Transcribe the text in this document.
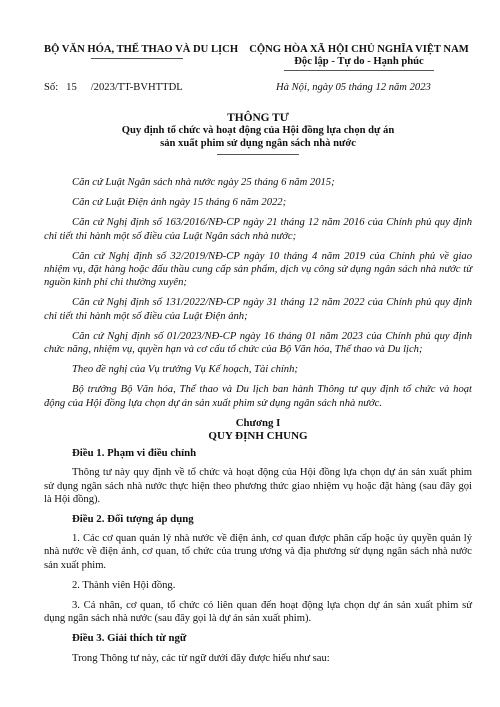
BỘ VĂN HÓA, THỂ THAO VÀ DU LỊCH	CỘNG HÒA XÃ HỘI CHỦ NGHĨA VIỆT NAM
Độc lập - Tự do - Hạnh phúc
Số: 15 /2023/TT-BVHTTDL	Hà Nội, ngày 05 tháng 12 năm 2023
THÔNG TƯ
Quy định tổ chức và hoạt động của Hội đồng lựa chọn dự án
sản xuất phim sử dụng ngân sách nhà nước

Căn cứ Luật Ngân sách nhà nước ngày 25 tháng 6 năm 2015;

Căn cứ Luật Điện ảnh ngày 15 tháng 6 năm 2022;

Căn cứ Nghị định số 163/2016/NĐ-CP ngày 21 tháng 12 năm 2016 của Chính phủ quy định chi tiết thi hành một số điều của Luật Ngân sách nhà nước;

Căn cứ Nghị định số 32/2019/NĐ-CP ngày 10 tháng 4 năm 2019 của Chính phủ về giao nhiệm vụ, đặt hàng hoặc đấu thầu cung cấp sản phẩm, dịch vụ công sử dụng ngân sách nhà nước từ nguồn kinh phí chi thường xuyên;

Căn cứ Nghị định số 131/2022/NĐ-CP ngày 31 tháng 12 năm 2022 của Chính phủ quy định chi tiết thi hành một số điều của Luật Điện ảnh;

Căn cứ Nghị định số 01/2023/NĐ-CP ngày 16 tháng 01 năm 2023 của Chính phủ quy định chức năng, nhiệm vụ, quyền hạn và cơ cấu tổ chức của Bộ Văn hóa, Thể thao và Du lịch;

Theo đề nghị của Vụ trưởng Vụ Kế hoạch, Tài chính;

Bộ trưởng Bộ Văn hóa, Thể thao và Du lịch ban hành Thông tư quy định tổ chức và hoạt động của Hội đồng lựa chọn dự án sản xuất phim sử dụng ngân sách nhà nước.

Chương I
QUY ĐỊNH CHUNG
Điều 1. Phạm vi điều chỉnh

Thông tư này quy định về tổ chức và hoạt động của Hội đồng lựa chọn dự án sản xuất phim sử dụng ngân sách nhà nước thực hiện theo phương thức giao nhiệm vụ hoặc đặt hàng (sau đây gọi là Hội đồng).

Điều 2. Đối tượng áp dụng

1. Các cơ quan quản lý nhà nước về điện ảnh, cơ quan được phân cấp hoặc ủy quyền quản lý nhà nước về điện ảnh, cơ quan, tổ chức của trung ương và địa phương sử dụng ngân sách nhà nước sản xuất phim.

2. Thành viên Hội đồng.

3. Cá nhân, cơ quan, tổ chức có liên quan đến hoạt động lựa chọn dự án sản xuất phim sử dụng ngân sách nhà nước (sau đây gọi là dự án sản xuất phim).

Điều 3. Giải thích từ ngữ

Trong Thông tư này, các từ ngữ dưới đây được hiểu như sau:
